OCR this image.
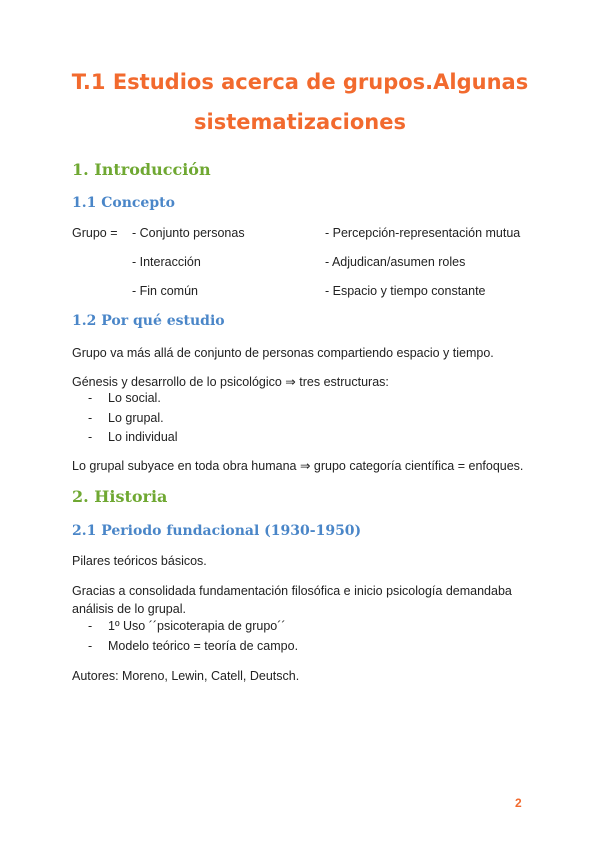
T.1 Estudios acerca de grupos.Algunas
sistematizaciones
1. Introducción
1.1 Concepto

Grupo = - Conjunto personas	- Percepción-representación mutua

- Interacción	- Adjudican/asumen roles

- Fin común	- Espacio y tiempo constante

1.2 Por qué estudio

Grupo va más allá de conjunto de personas compartiendo espacio y tiempo.

Génesis y desarrollo de lo psicológico ⇒ tres estructuras:

- Lo social.
- Lo grupal.
- Lo individual

Lo grupal subyace en toda obra humana ⇒ grupo categoría científica = enfoques.

2. Historia
2.1 Periodo fundacional (1930-1950)

Pilares teóricos básicos.

Gracias a consolidada fundamentación filosófica e inicio psicología demandaba

análisis de lo grupal.

- 1º Uso ´´psicoterapia de grupo´´
- Modelo teórico = teoría de campo.

Autores: Moreno, Lewin, Catell, Deutsch.

2
